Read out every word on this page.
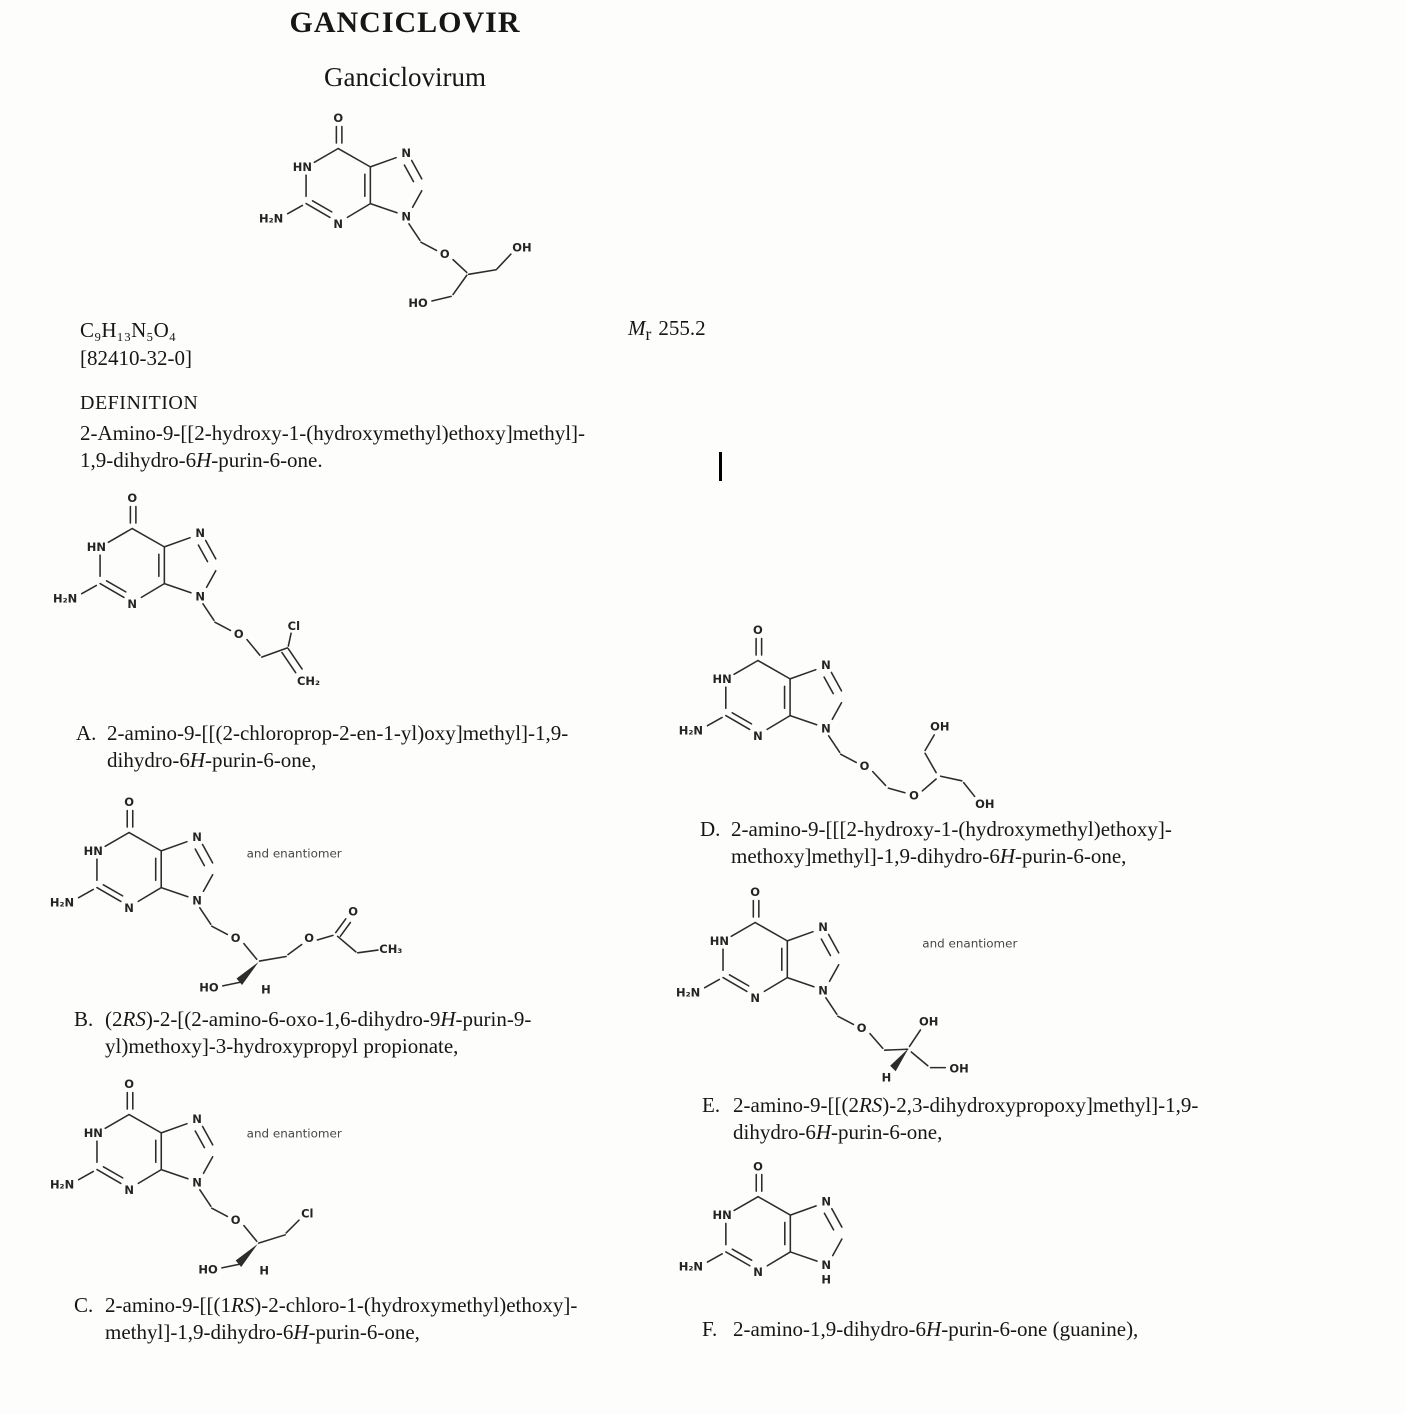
GANCICLOVIR
Ganciclovirum
O
HN
H₂N	N
N
N
O	OH
HO
C₉H₁₃N₅O₄	$M_r$ 255.2
[82410-32-0]
DEFINITION
2-Amino-9-[[2-hydroxy-1-(hydroxymethyl)ethoxy]methyl]-
1,9-dihydro-6H-purin-6-one.
O
HN
H₂N	N
N
N
O
Cl
CH₂
A. 2-amino-9-[[(2-chloroprop-2-en-1-yl)oxy]methyl]-1,9-
dihydro-6H-purin-6-one,
O
HN
H₂N	N
N
N
O	O
O
CH₃
HO	H
and enantiomer
B. (2RS)-2-[(2-amino-6-oxo-1,6-dihydro-9H-purin-9-
yl)methoxy]-3-hydroxypropyl propionate,
O
HN
H₂N	N
N
N
O	Cl
HO	H
and enantiomer
C. 2-amino-9-[[(1RS)-2-chloro-1-(hydroxymethyl)ethoxy]-
methyl]-1,9-dihydro-6H-purin-6-one,
O
HN
H₂N	N
N
N
O
O
OH
OH
D. 2-amino-9-[[[2-hydroxy-1-(hydroxymethyl)ethoxy]-
methoxy]methyl]-1,9-dihydro-6H-purin-6-one,
O
HN
H₂N	N
N
N
O	OH
H
OH
and enantiomer
E. 2-amino-9-[[(2RS)-2,3-dihydroxypropoxy]methyl]-1,9-
dihydro-6H-purin-6-one,
O
HN
H₂N	N
N
N
H
F. 2-amino-1,9-dihydro-6H-purin-6-one (guanine),
